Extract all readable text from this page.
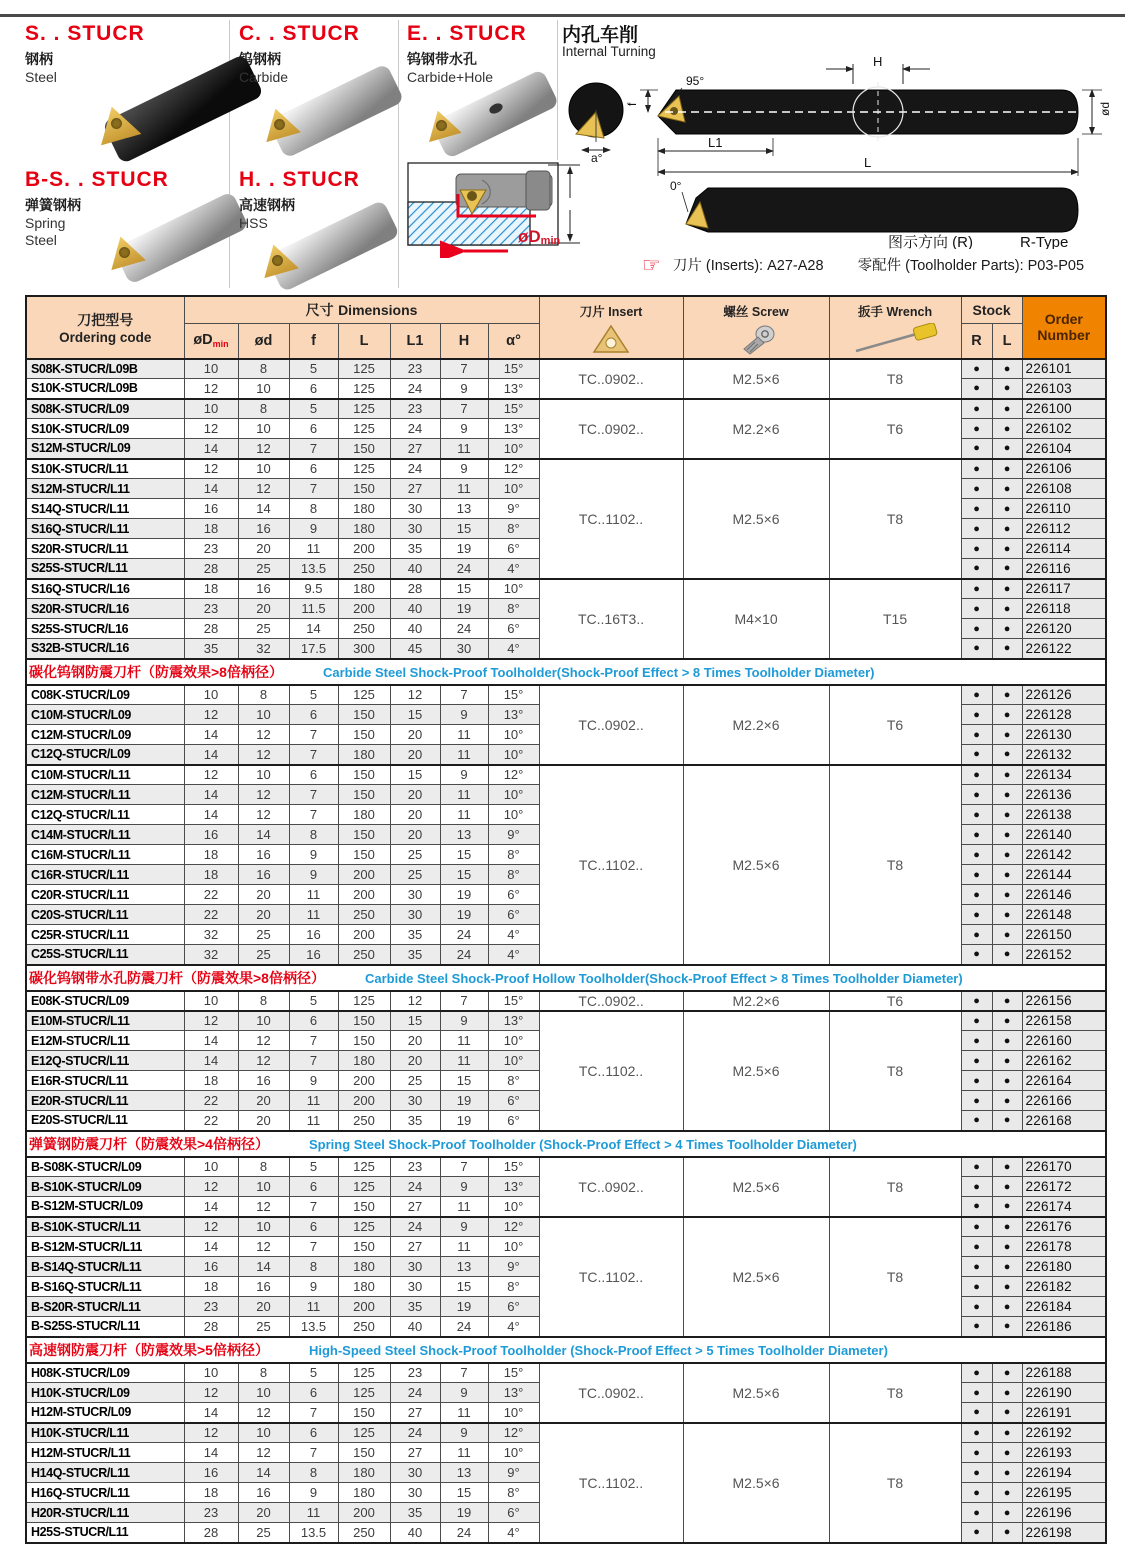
S. . STUCR
钢柄
Steel
C. . STUCR
钨钢柄
Carbide
E. . STUCR
钨钢带水孔
Carbide+Hole
B-S. . STUCR
弹簧钢柄
Spring Steel
H. . STUCR
高速钢柄
HSS
øDmin
内孔车削
Internal Turning
a°
H
95°
f	ød
L1
L
0°
图示方向 (R)	R-Type
☞ 刀片 (Inserts): A27-A28 零配件 (Toolholder Parts): P03-P05
刀把型号
Ordering code	尺寸 Dimensions							刀片 Insert	螺丝 Screw	扳手 Wrench	Stock		Order Number
	$øD_{min}$	ød	f	L	L1	H	α°				R	L	
S08K-STUCR/L09B	10	8	5	125	23	7	15°	TC..0902..	M2.5×6	T8	●	●	226101
S10K-STUCR/L09B	12	10	6	125	24	9	13°				●	●	226103
S08K-STUCR/L09	10	8	5	125	23	7	15°	TC..0902..	M2.2×6	T6	●	●	226100
S10K-STUCR/L09	12	10	6	125	24	9	13°				●	●	226102
S12M-STUCR/L09	14	12	7	150	27	11	10°				●	●	226104
S10K-STUCR/L11	12	10	6	125	24	9	12°	TC..1102..	M2.5×6	T8	●	●	226106
S12M-STUCR/L11	14	12	7	150	27	11	10°				●	●	226108
S14Q-STUCR/L11	16	14	8	180	30	13	9°				●	●	226110
S16Q-STUCR/L11	18	16	9	180	30	15	8°				●	●	226112
S20R-STUCR/L11	23	20	11	200	35	19	6°				●	●	226114
S25S-STUCR/L11	28	25	13.5	250	40	24	4°				●	●	226116
S16Q-STUCR/L16	18	16	9.5	180	28	15	10°	TC..16T3..	M4×10	T15	●	●	226117
S20R-STUCR/L16	23	20	11.5	200	40	19	8°				●	●	226118
S25S-STUCR/L16	28	25	14	250	40	24	6°				●	●	226120
S32B-STUCR/L16	35	32	17.5	300	45	30	4°				●	●	226122
碳化钨钢防震刀杆（防震效果>8倍柄径） Carbide Steel Shock-Proof Toolholder(Shock-Proof Effect > 8 Times Toolholder Diameter)													
C08K-STUCR/L09	10	8	5	125	12	7	15°	TC..0902..	M2.2×6	T6	●	●	226126
C10M-STUCR/L09	12	10	6	150	15	9	13°				●	●	226128
C12M-STUCR/L09	14	12	7	150	20	11	10°				●	●	226130
C12Q-STUCR/L09	14	12	7	180	20	11	10°				●	●	226132
C10M-STUCR/L11	12	10	6	150	15	9	12°	TC..1102..	M2.5×6	T8	●	●	226134
C12M-STUCR/L11	14	12	7	150	20	11	10°				●	●	226136
C12Q-STUCR/L11	14	12	7	180	20	11	10°				●	●	226138
C14M-STUCR/L11	16	14	8	150	20	13	9°				●	●	226140
C16M-STUCR/L11	18	16	9	150	25	15	8°				●	●	226142
C16R-STUCR/L11	18	16	9	200	25	15	8°				●	●	226144
C20R-STUCR/L11	22	20	11	200	30	19	6°				●	●	226146
C20S-STUCR/L11	22	20	11	250	30	19	6°				●	●	226148
C25R-STUCR/L11	32	25	16	200	35	24	4°				●	●	226150
C25S-STUCR/L11	32	25	16	250	35	24	4°				●	●	226152
碳化钨钢带水孔防震刀杆（防震效果>8倍柄径） Carbide Steel Shock-Proof Hollow Toolholder(Shock-Proof Effect > 8 Times Toolholder Diameter)													
E08K-STUCR/L09	10	8	5	125	12	7	15°	TC..0902..	M2.2×6	T6	●	●	226156
E10M-STUCR/L11	12	10	6	150	15	9	13°	TC..1102..	M2.5×6	T8	●	●	226158
E12M-STUCR/L11	14	12	7	150	20	11	10°				●	●	226160
E12Q-STUCR/L11	14	12	7	180	20	11	10°				●	●	226162
E16R-STUCR/L11	18	16	9	200	25	15	8°				●	●	226164
E20R-STUCR/L11	22	20	11	200	30	19	6°				●	●	226166
E20S-STUCR/L11	22	20	11	250	35	19	6°				●	●	226168
弹簧钢防震刀杆（防震效果>4倍柄径） Spring Steel Shock-Proof Toolholder (Shock-Proof Effect > 4 Times Toolholder Diameter)													
B-S08K-STUCR/L09	10	8	5	125	23	7	15°	TC..0902..	M2.5×6	T8	●	●	226170
B-S10K-STUCR/L09	12	10	6	125	24	9	13°				●	●	226172
B-S12M-STUCR/L09	14	12	7	150	27	11	10°				●	●	226174
B-S10K-STUCR/L11	12	10	6	125	24	9	12°	TC..1102..	M2.5×6	T8	●	●	226176
B-S12M-STUCR/L11	14	12	7	150	27	11	10°				●	●	226178
B-S14Q-STUCR/L11	16	14	8	180	30	13	9°				●	●	226180
B-S16Q-STUCR/L11	18	16	9	180	30	15	8°				●	●	226182
B-S20R-STUCR/L11	23	20	11	200	35	19	6°				●	●	226184
B-S25S-STUCR/L11	28	25	13.5	250	40	24	4°				●	●	226186
高速钢防震刀杆（防震效果>5倍柄径） High-Speed Steel Shock-Proof Toolholder (Shock-Proof Effect > 5 Times Toolholder Diameter)													
H08K-STUCR/L09	10	8	5	125	23	7	15°	TC..0902..	M2.5×6	T8	●	●	226188
H10K-STUCR/L09	12	10	6	125	24	9	13°				●	●	226190
H12M-STUCR/L09	14	12	7	150	27	11	10°				●	●	226191
H10K-STUCR/L11	12	10	6	125	24	9	12°	TC..1102..	M2.5×6	T8	●	●	226192
H12M-STUCR/L11	14	12	7	150	27	11	10°				●	●	226193
H14Q-STUCR/L11	16	14	8	180	30	13	9°				●	●	226194
H16Q-STUCR/L11	18	16	9	180	30	15	8°				●	●	226195
H20R-STUCR/L11	23	20	11	200	35	19	6°				●	●	226196
H25S-STUCR/L11	28	25	13.5	250	40	24	4°				●	●	226198
